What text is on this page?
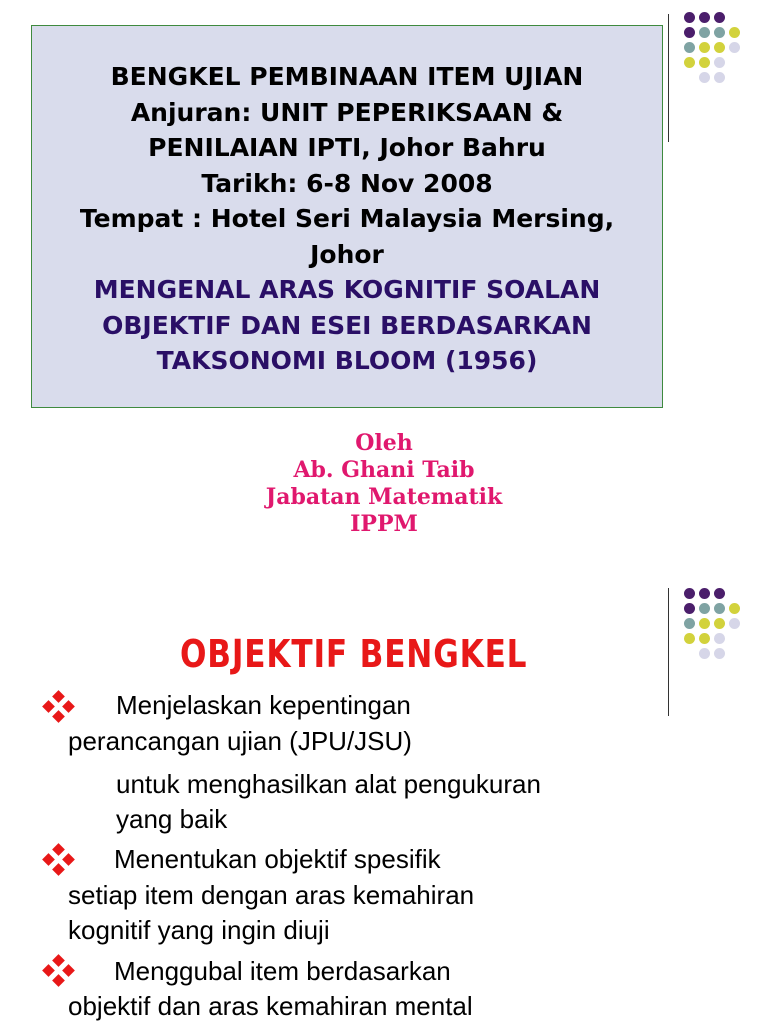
BENGKEL PEMBINAAN ITEM UJIAN
Anjuran: UNIT PEPERIKSAAN &
PENILAIAN IPTI, Johor Bahru
Tarikh: 6-8 Nov 2008
Tempat : Hotel Seri Malaysia Mersing,
Johor
MENGENAL ARAS KOGNITIF SOALAN
OBJEKTIF DAN ESEI BERDASARKAN
TAKSONOMI BLOOM (1956)
Oleh
Ab. Ghani Taib
Jabatan Matematik
IPPM
OBJEKTIF BENGKEL
Menjelaskan kepentingan
perancangan ujian (JPU/JSU)
untuk menghasilkan alat pengukuran
yang baik
Menentukan objektif spesifik
setiap item dengan aras kemahiran
kognitif yang ingin diuji
Menggubal item berdasarkan
objektif dan aras kemahiran mental
